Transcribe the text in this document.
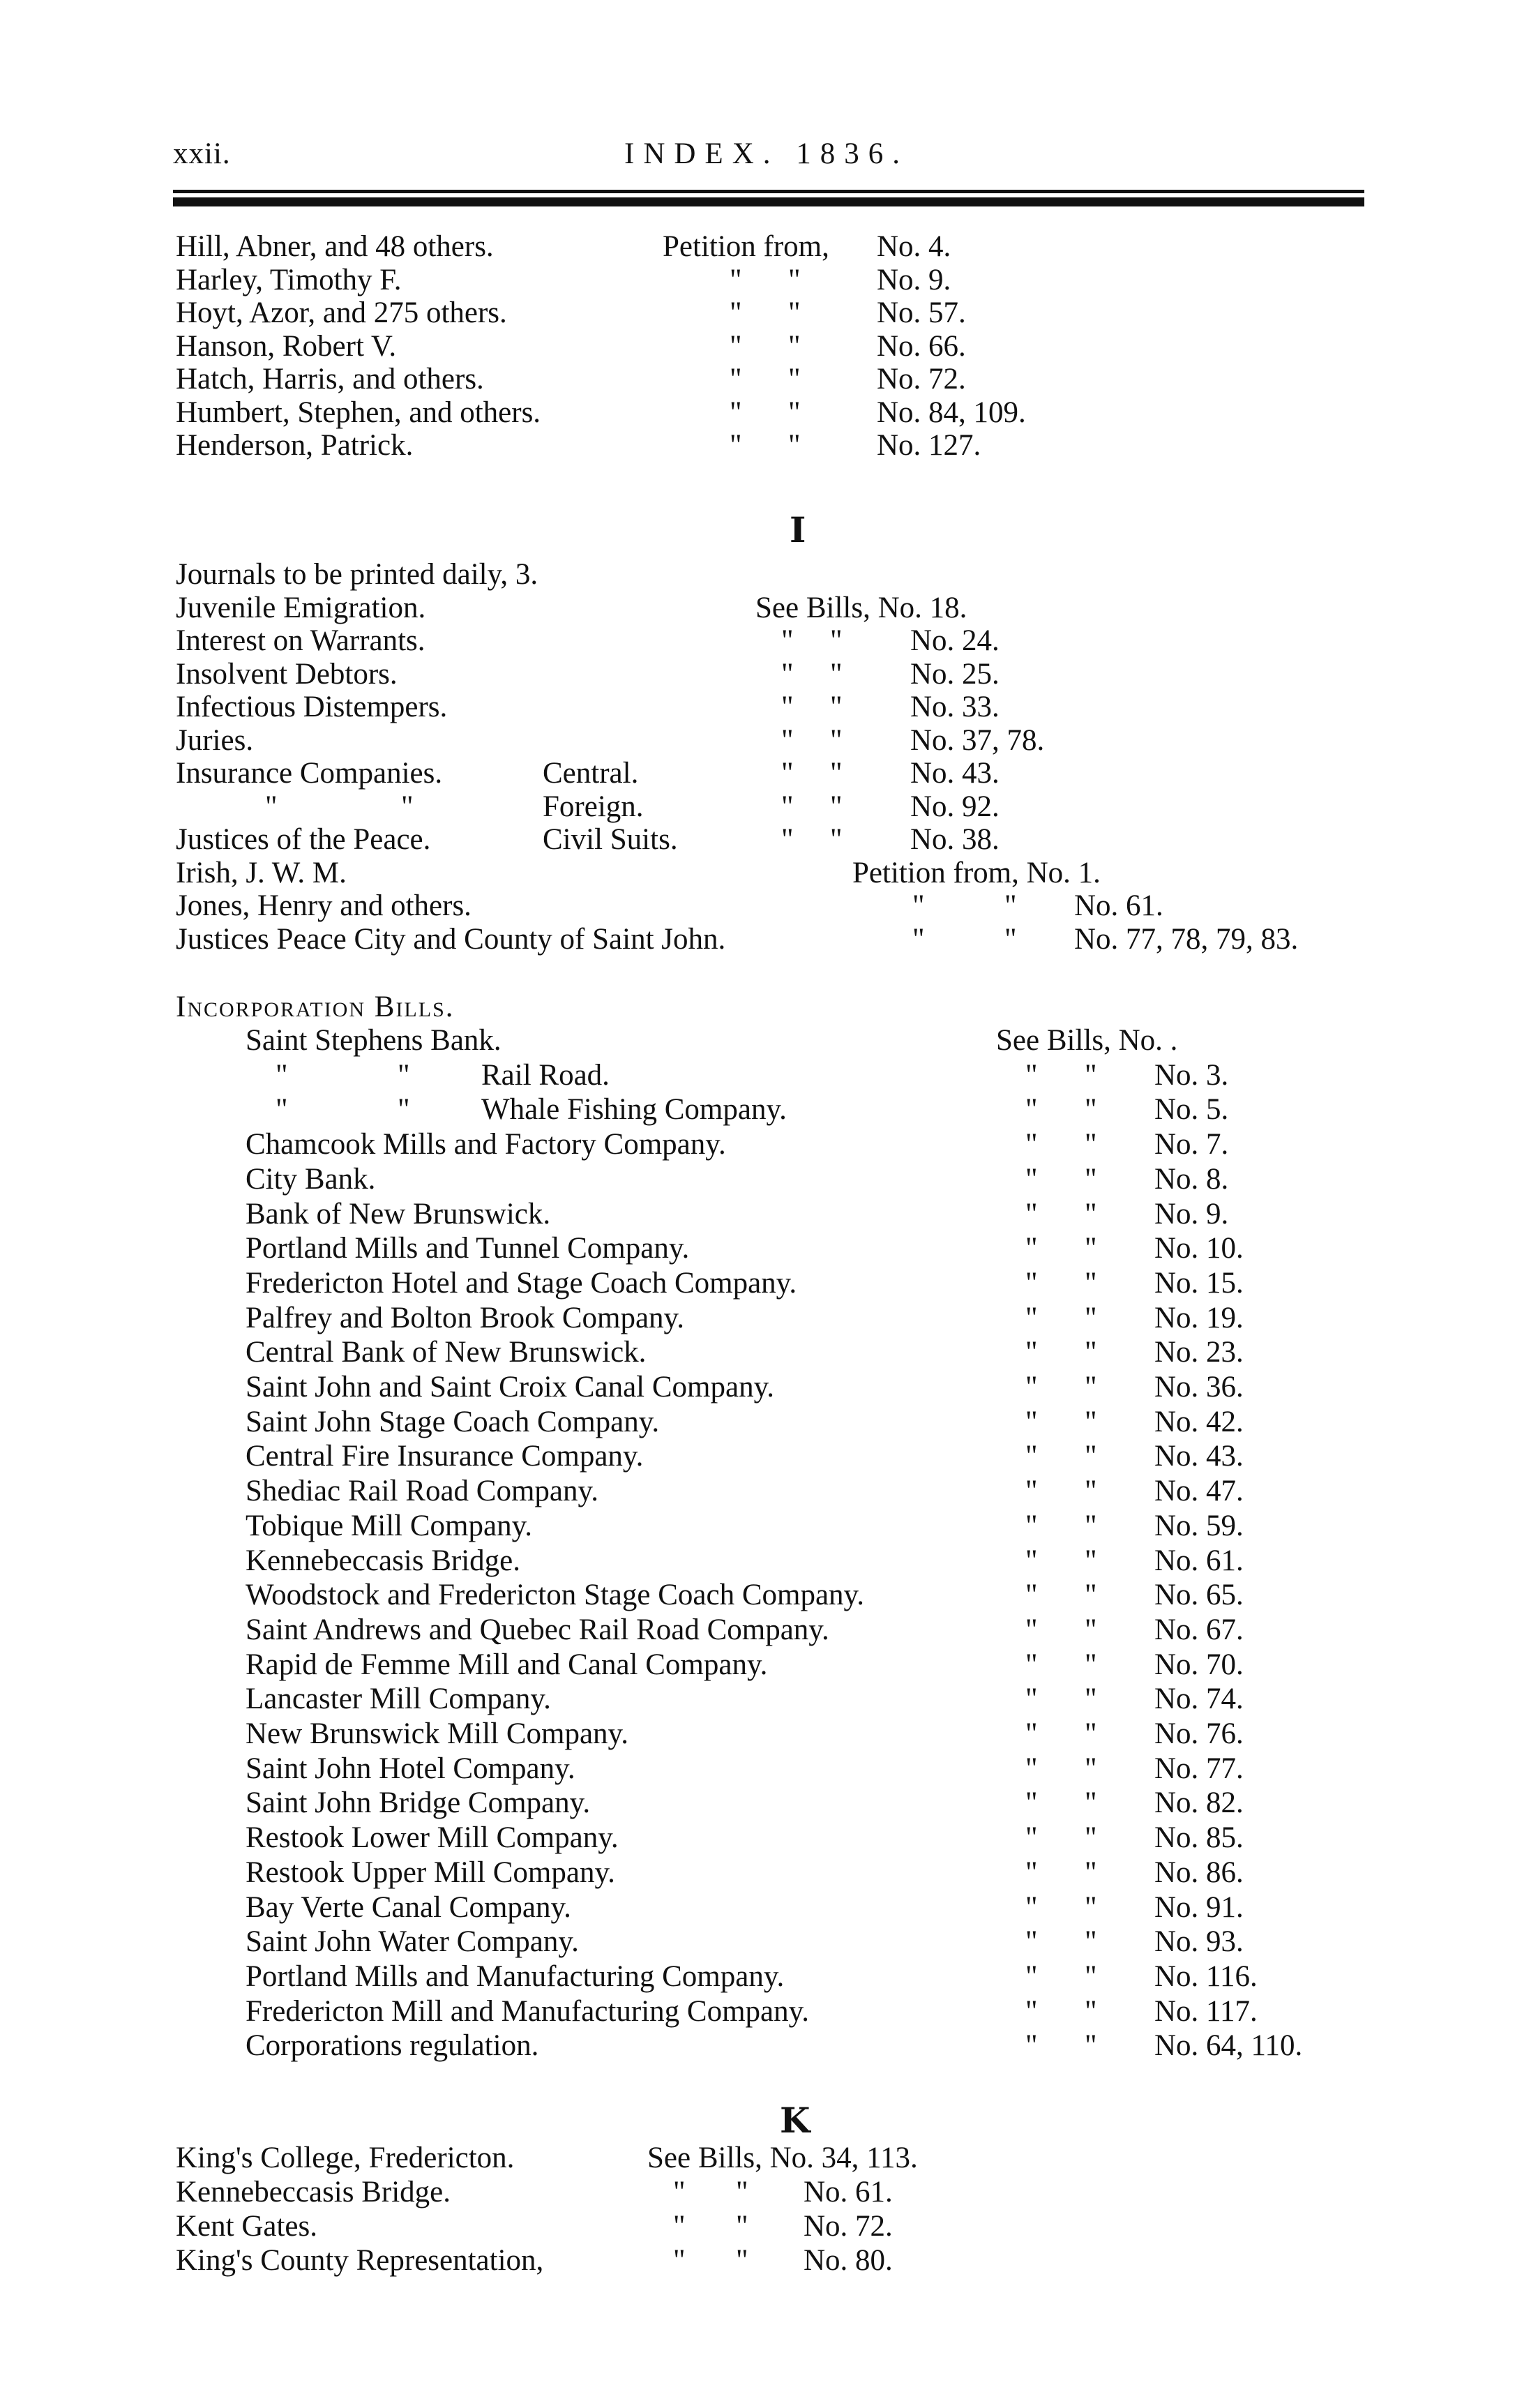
xxii.	INDEX. 1836.
Hill, Abner, and 48 others.	Petition from, No. 4.
Harley, Timothy F.	" "	No. 9.
Hoyt, Azor, and 275 others.	" "	No. 57.
Hanson, Robert V.	" "	No. 66.
Hatch, Harris, and others.	" "	No. 72.
Humbert, Stephen, and others.	" "	No. 84, 109.
Henderson, Patrick.	" "	No. 127.
I
Journals to be printed daily, 3.
Juvenile Emigration.	See Bills, No. 18.
Interest on Warrants.	" " No. 24.
Insolvent Debtors.	" " No. 25.
Infectious Distempers.	" " No. 33.
Juries.	" " No. 37, 78.
Insurance Companies.	Central.	" " No. 43.
"	"	Foreign.	" " No. 92.
Justices of the Peace.	Civil Suits.	" " No. 38.
Irish, J. W. M.	Petition from, No. 1.
Jones, Henry and others.	"	" No. 61.
Justices Peace City and County of Saint John.	"	" No. 77, 78, 79, 83.
Incorporation Bills.
Saint Stephens Bank.	See Bills, No. .
"	" Rail Road.	" " No. 3.
"	" Whale Fishing Company.	" " No. 5.
Chamcook Mills and Factory Company.	" " No. 7.
City Bank.	" " No. 8.
Bank of New Brunswick.	" " No. 9.
Portland Mills and Tunnel Company.	" " No. 10.
Fredericton Hotel and Stage Coach Company.	" " No. 15.
Palfrey and Bolton Brook Company.	" " No. 19.
Central Bank of New Brunswick.	" " No. 23.
Saint John and Saint Croix Canal Company.	" " No. 36.
Saint John Stage Coach Company.	" " No. 42.
Central Fire Insurance Company.	" " No. 43.
Shediac Rail Road Company.	" " No. 47.
Tobique Mill Company.	" " No. 59.
Kennebeccasis Bridge.	" " No. 61.
Woodstock and Fredericton Stage Coach Company.	" " No. 65.
Saint Andrews and Quebec Rail Road Company.	" " No. 67.
Rapid de Femme Mill and Canal Company.	" " No. 70.
Lancaster Mill Company.	" " No. 74.
New Brunswick Mill Company.	" " No. 76.
Saint John Hotel Company.	" " No. 77.
Saint John Bridge Company.	" " No. 82.
Restook Lower Mill Company.	" " No. 85.
Restook Upper Mill Company.	" " No. 86.
Bay Verte Canal Company.	" " No. 91.
Saint John Water Company.	" " No. 93.
Portland Mills and Manufacturing Company.	" " No. 116.
Fredericton Mill and Manufacturing Company.	" " No. 117.
Corporations regulation.	" " No. 64, 110.
K
King's College, Fredericton.	See Bills, No. 34, 113.
Kennebeccasis Bridge.	" " No. 61.
Kent Gates.	" " No. 72.
King's County Representation,	" " No. 80.
